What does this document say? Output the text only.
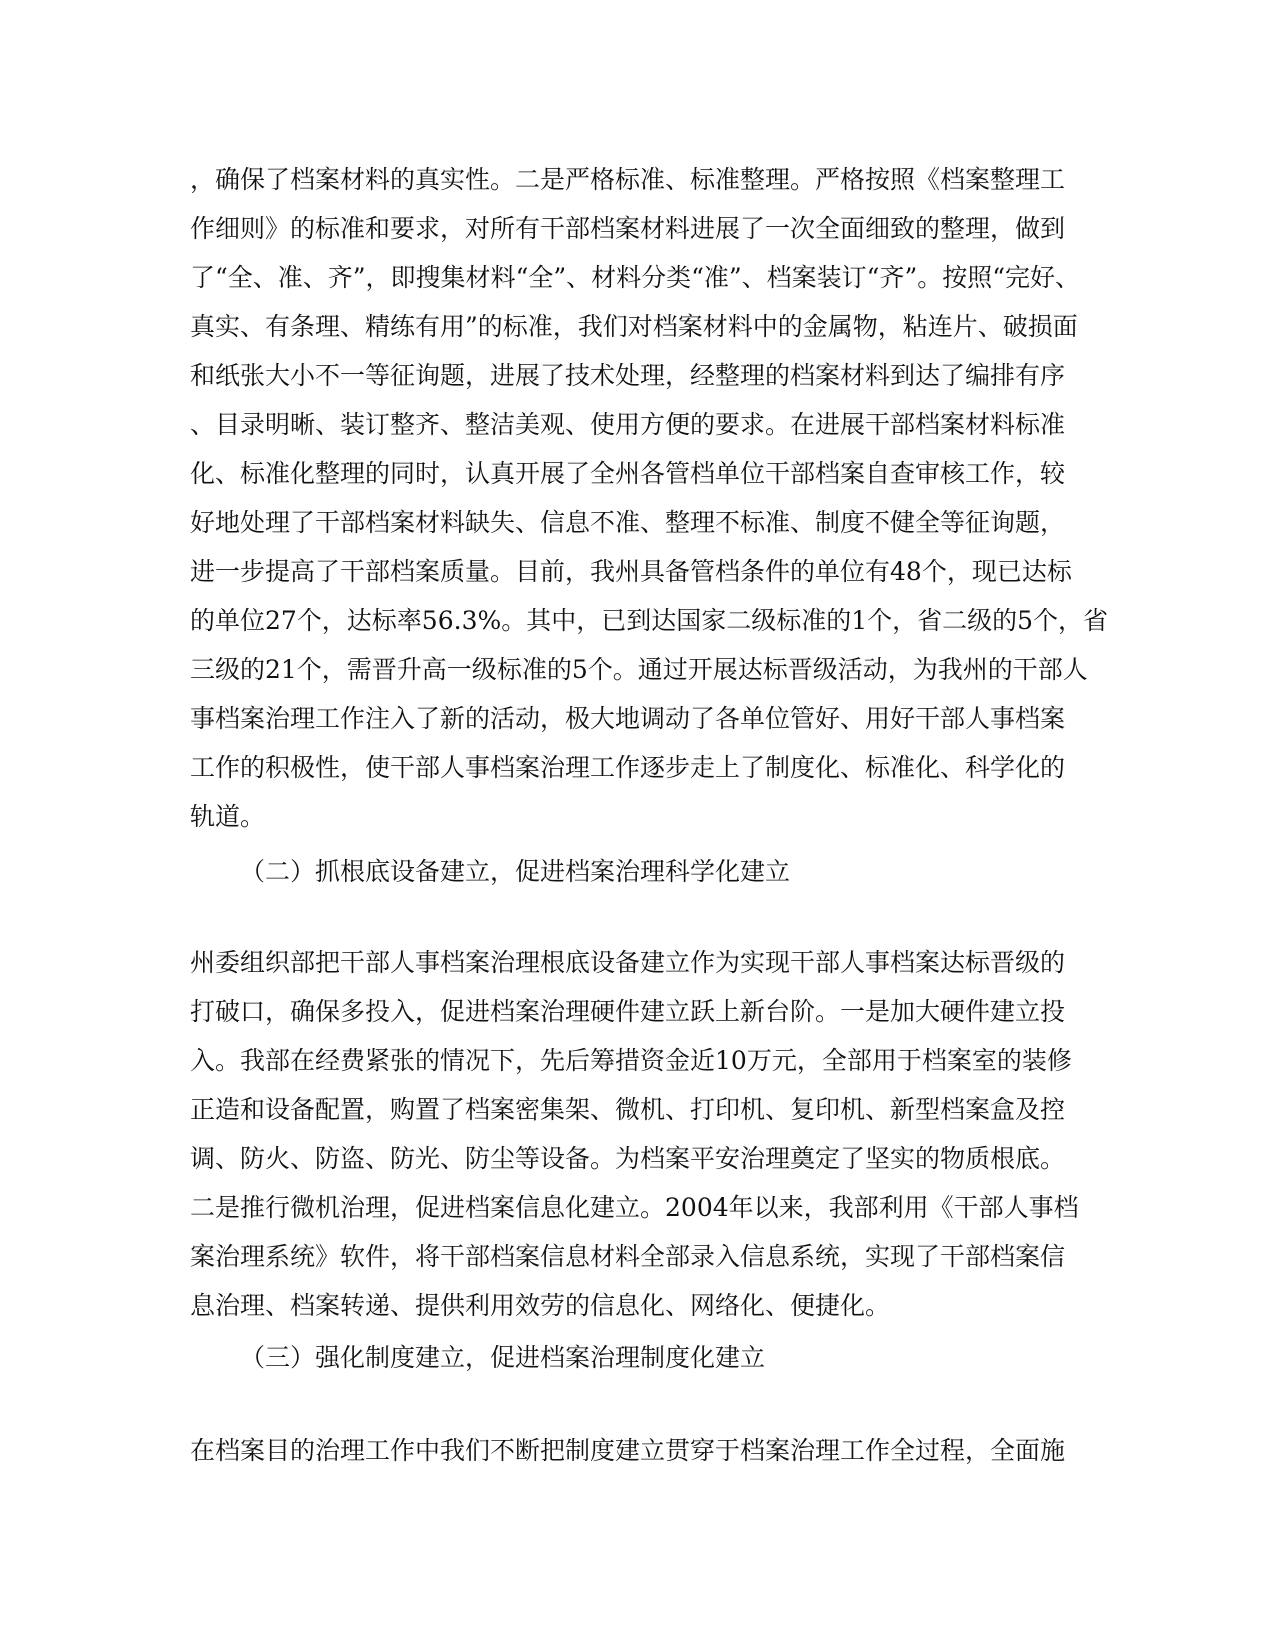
，确保了档案材料的真实性。二是严格标准、标准整理。严格按照《档案整理工
作细则》的标准和要求，对所有干部档案材料进展了一次全面细致的整理，做到
了“全、准、齐”，即搜集材料“全”、材料分类“准”、档案装订“齐”。按照“完好、
真实、有条理、精练有用”的标准，我们对档案材料中的金属物，粘连片、破损面
和纸张大小不一等征询题，进展了技术处理，经整理的档案材料到达了编排有序
、目录明晰、装订整齐、整洁美观、使用方便的要求。在进展干部档案材料标准
化、标准化整理的同时，认真开展了全州各管档单位干部档案自查审核工作，较
好地处理了干部档案材料缺失、信息不准、整理不标准、制度不健全等征询题，
进一步提高了干部档案质量。目前，我州具备管档条件的单位有48个，现已达标
的单位27个，达标率56.3%。其中，已到达国家二级标准的1个，省二级的5个，省
三级的21个，需晋升高一级标准的5个。通过开展达标晋级活动，为我州的干部人
事档案治理工作注入了新的活动，极大地调动了各单位管好、用好干部人事档案
工作的积极性，使干部人事档案治理工作逐步走上了制度化、标准化、科学化的
轨道。
（二）抓根底设备建立，促进档案治理科学化建立
州委组织部把干部人事档案治理根底设备建立作为实现干部人事档案达标晋级的
打破口，确保多投入，促进档案治理硬件建立跃上新台阶。一是加大硬件建立投
入。我部在经费紧张的情况下，先后筹措资金近10万元，全部用于档案室的装修
正造和设备配置，购置了档案密集架、微机、打印机、复印机、新型档案盒及控
调、防火、防盗、防光、防尘等设备。为档案平安治理奠定了坚实的物质根底。
二是推行微机治理，促进档案信息化建立。2004年以来，我部利用《干部人事档
案治理系统》软件，将干部档案信息材料全部录入信息系统，实现了干部档案信
息治理、档案转递、提供利用效劳的信息化、网络化、便捷化。
（三）强化制度建立，促进档案治理制度化建立
在档案目的治理工作中我们不断把制度建立贯穿于档案治理工作全过程，全面施
